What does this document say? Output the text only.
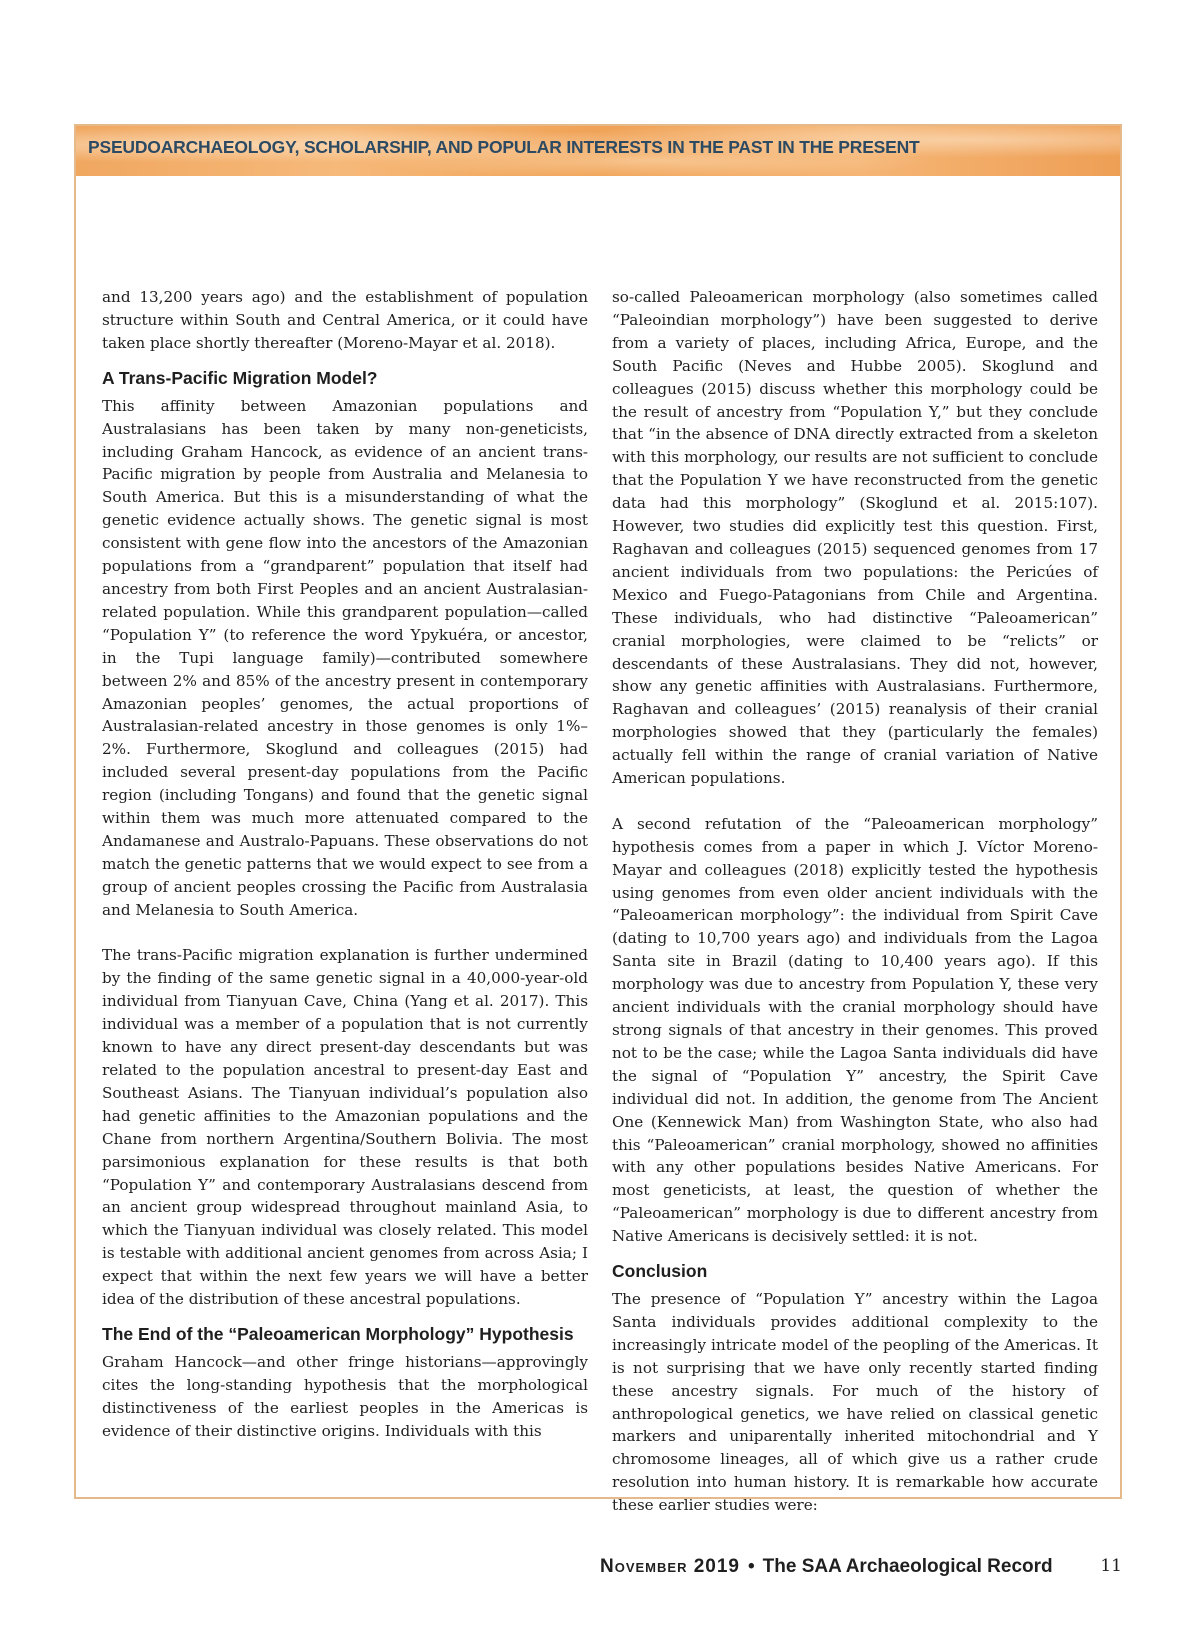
PSEUDOARCHAEOLOGY, SCHOLARSHIP, AND POPULAR INTERESTS IN THE PAST IN THE PRESENT

and 13,200 years ago) and the establishment of population structure within South and Central America, or it could have taken place shortly thereafter (Moreno-Mayar et al. 2018).

A Trans-Pacific Migration Model?

This affinity between Amazonian populations and Australasians has been taken by many non-geneticists, including Graham Hancock, as evidence of an ancient trans-Pacific migration by people from Australia and Melanesia to South America. But this is a misunderstanding of what the genetic evidence actually shows. The genetic signal is most consistent with gene flow into the ancestors of the Amazonian populations from a “grandparent” population that itself had ancestry from both First Peoples and an ancient Australasian-related population. While this grandparent population—called “Population Y” (to reference the word Ypykuéra, or ancestor, in the Tupi language family)—contributed somewhere between 2% and 85% of the ancestry present in contemporary Amazonian peoples’ genomes, the actual proportions of Australasian-related ancestry in those genomes is only 1%–2%. Furthermore, Skoglund and colleagues (2015) had included several present-day populations from the Pacific region (including Tongans) and found that the genetic signal within them was much more attenuated compared to the Andamanese and Australo-Papuans. These observations do not match the genetic patterns that we would expect to see from a group of ancient peoples crossing the Pacific from Australasia and Melanesia to South America.

The trans-Pacific migration explanation is further undermined by the finding of the same genetic signal in a 40,000-year-old individual from Tianyuan Cave, China (Yang et al. 2017). This individual was a member of a population that is not currently known to have any direct present-day descendants but was related to the population ancestral to present-day East and Southeast Asians. The Tianyuan individual’s population also had genetic affinities to the Amazonian populations and the Chane from northern Argentina/Southern Bolivia. The most parsimonious explanation for these results is that both “Population Y” and contemporary Australasians descend from an ancient group widespread throughout mainland Asia, to which the Tianyuan individual was closely related. This model is testable with additional ancient genomes from across Asia; I expect that within the next few years we will have a better idea of the distribution of these ancestral populations.

The End of the “Paleoamerican Morphology” Hypothesis

Graham Hancock—and other fringe historians—approvingly cites the long-standing hypothesis that the morphological distinctiveness of the earliest peoples in the Americas is evidence of their distinctive origins. Individuals with this

so-called Paleoamerican morphology (also sometimes called “Paleoindian morphology”) have been suggested to derive from a variety of places, including Africa, Europe, and the South Pacific (Neves and Hubbe 2005). Skoglund and colleagues (2015) discuss whether this morphology could be the result of ancestry from “Population Y,” but they conclude that “in the absence of DNA directly extracted from a skeleton with this morphology, our results are not sufficient to conclude that the Population Y we have reconstructed from the genetic data had this morphology” (Skoglund et al. 2015:107). However, two studies did explicitly test this question. First, Raghavan and colleagues (2015) sequenced genomes from 17 ancient individuals from two populations: the Pericúes of Mexico and Fuego-Patagonians from Chile and Argentina. These individuals, who had distinctive “Paleoamerican” cranial morphologies, were claimed to be “relicts” or descendants of these Australasians. They did not, however, show any genetic affinities with Australasians. Furthermore, Raghavan and colleagues’ (2015) reanalysis of their cranial morphologies showed that they (particularly the females) actually fell within the range of cranial variation of Native American populations.

A second refutation of the “Paleoamerican morphology” hypothesis comes from a paper in which J. Víctor Moreno-Mayar and colleagues (2018) explicitly tested the hypothesis using genomes from even older ancient individuals with the “Paleoamerican morphology”: the individual from Spirit Cave (dating to 10,700 years ago) and individuals from the Lagoa Santa site in Brazil (dating to 10,400 years ago). If this morphology was due to ancestry from Population Y, these very ancient individuals with the cranial morphology should have strong signals of that ancestry in their genomes. This proved not to be the case; while the Lagoa Santa individuals did have the signal of “Population Y” ancestry, the Spirit Cave individual did not. In addition, the genome from The Ancient One (Kennewick Man) from Washington State, who also had this “Paleoamerican” cranial morphology, showed no affinities with any other populations besides Native Americans. For most geneticists, at least, the question of whether the “Paleoamerican” morphology is due to different ancestry from Native Americans is decisively settled: it is not.

Conclusion

The presence of “Population Y” ancestry within the Lagoa Santa individuals provides additional complexity to the increasingly intricate model of the peopling of the Americas. It is not surprising that we have only recently started finding these ancestry signals. For much of the history of anthropological genetics, we have relied on classical genetic markers and uniparentally inherited mitochondrial and Y chromosome lineages, all of which give us a rather crude resolution into human history. It is remarkable how accurate these earlier studies were:

November 2019 • The SAA Archaeological Record	11
